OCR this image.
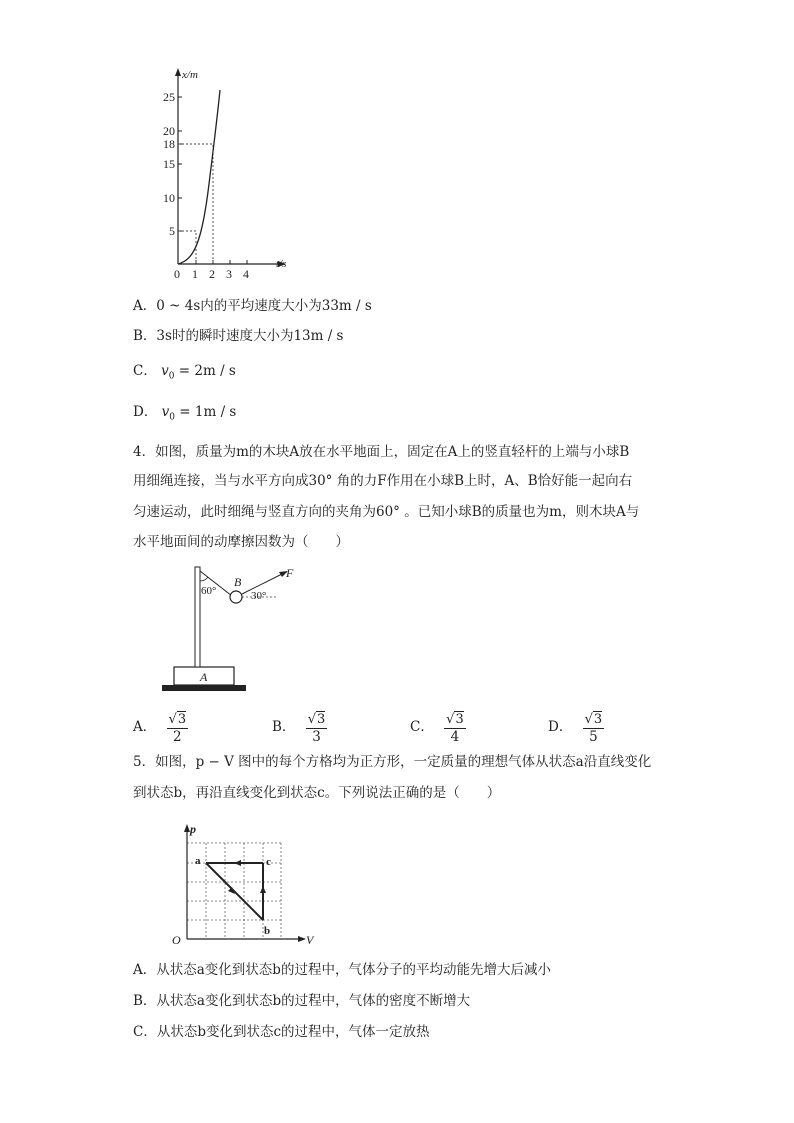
x/m
t/s
25
20
18
15
10
5
0 1 2 3 4
A．0 ~ 4s内的平均速度大小为33m / s
B．3s时的瞬时速度大小为13m / s
C． $v_0 = 2m / s$
D． $v_0 = 1m / s$
4．如图，质量为m的木块A放在水平地面上，固定在A上的竖直轻杆的上端与小球B
用细绳连接，当与水平方向成30° 角的力F作用在小球B上时，A、B恰好能一起向右
匀速运动，此时细绳与竖直方向的夹角为60° 。已知小球B的质量也为m，则木块A与
水平地面间的动摩擦因数为（　　）
A
60°
B
F
30°
A． $\frac{√3}{2}$	B． $\frac{√3}{3}$	C． $\frac{√3}{4}$	D． $\frac{√3}{5}$
5．如图，p − V 图中的每个方格均为正方形，一定质量的理想气体从状态a沿直线变化
到状态b，再沿直线变化到状态c。下列说法正确的是（　　）
p
V
O
a	c
b
A．从状态a变化到状态b的过程中，气体分子的平均动能先增大后减小
B．从状态a变化到状态b的过程中，气体的密度不断增大
C．从状态b变化到状态c的过程中，气体一定放热
